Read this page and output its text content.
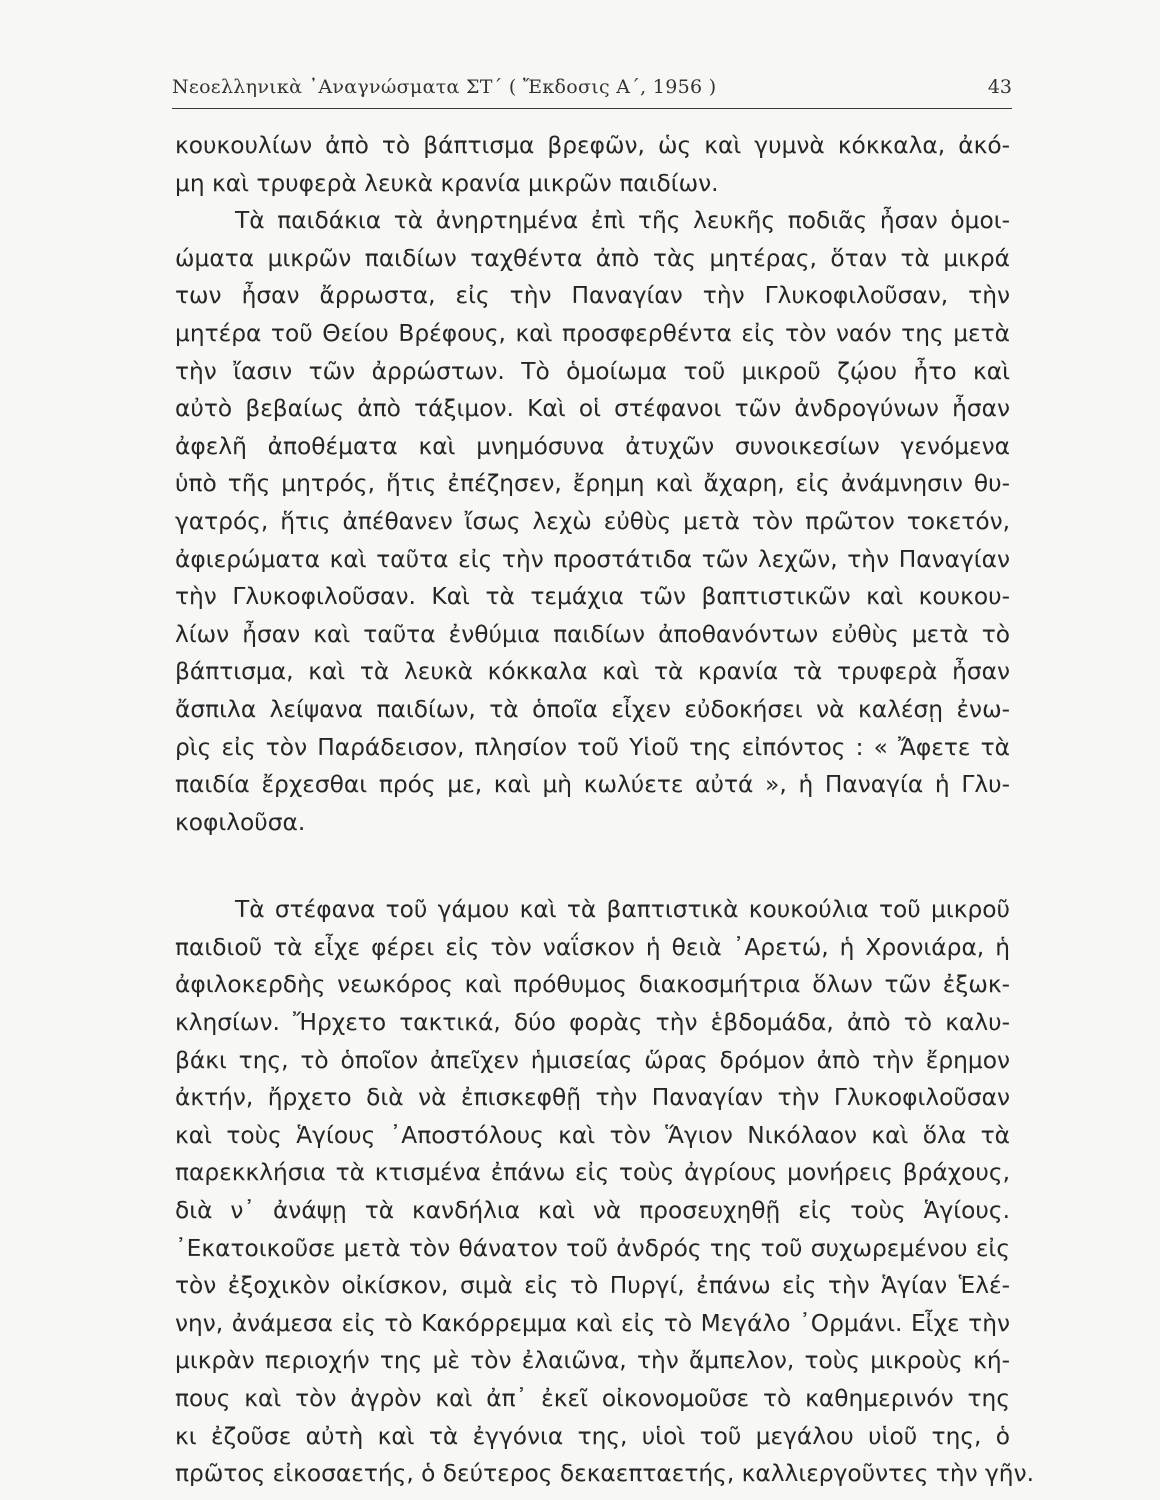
Νεοελληνικὰ ᾿Αναγνώσματα ΣΤ΄ ( Ἔκδοσις Α΄, 1956 )	43
κουκουλίων ἀπὸ τὸ βάπτισμα βρεφῶν, ὡς καὶ γυμνὰ κόκκαλα, ἀκό-
μη καὶ τρυφερὰ λευκὰ κρανία μικρῶν παιδίων.
Τὰ παιδάκια τὰ ἀνηρτημένα ἐπὶ τῆς λευκῆς ποδιᾶς ἦσαν ὁμοι-
ώματα μικρῶν παιδίων ταχθέντα ἀπὸ τὰς μητέρας, ὅταν τὰ μικρά
των ἦσαν ἄρρωστα, εἰς τὴν Παναγίαν τὴν Γλυκοφιλοῦσαν, τὴν
μητέρα τοῦ Θείου Βρέφους, καὶ προσφερθέντα εἰς τὸν ναόν της μετὰ
τὴν ἴασιν τῶν ἀρρώστων. Τὸ ὁμοίωμα τοῦ μικροῦ ζῴου ἦτο καὶ
αὐτὸ βεβαίως ἀπὸ τάξιμον. Καὶ οἱ στέφανοι τῶν ἀνδρογύνων ἦσαν
ἀφελῆ ἀποθέματα καὶ μνημόσυνα ἀτυχῶν συνοικεσίων γενόμενα
ὑπὸ τῆς μητρός, ἥτις ἐπέζησεν, ἔρημη καὶ ἄχαρη, εἰς ἀνάμνησιν θυ-
γατρός, ἥτις ἀπέθανεν ἴσως λεχὼ εὐθὺς μετὰ τὸν πρῶτον τοκετόν,
ἀφιερώματα καὶ ταῦτα εἰς τὴν προστάτιδα τῶν λεχῶν, τὴν Παναγίαν
τὴν Γλυκοφιλοῦσαν. Καὶ τὰ τεμάχια τῶν βαπτιστικῶν καὶ κουκου-
λίων ἦσαν καὶ ταῦτα ἐνθύμια παιδίων ἀποθανόντων εὐθὺς μετὰ τὸ
βάπτισμα, καὶ τὰ λευκὰ κόκκαλα καὶ τὰ κρανία τὰ τρυφερὰ ἦσαν
ἄσπιλα λείψανα παιδίων, τὰ ὁποῖα εἶχεν εὐδοκήσει νὰ καλέσῃ ἐνω-
ρὶς εἰς τὸν Παράδεισον, πλησίον τοῦ Υἱοῦ της εἰπόντος : « Ἄφετε τὰ
παιδία ἔρχεσθαι πρός με, καὶ μὴ κωλύετε αὐτά », ἡ Παναγία ἡ Γλυ-
κοφιλοῦσα.
Τὰ στέφανα τοῦ γάμου καὶ τὰ βαπτιστικὰ κουκούλια τοῦ μικροῦ
παιδιοῦ τὰ εἶχε φέρει εἰς τὸν ναΐσκον ἡ θειὰ ᾿Αρετώ, ἡ Χρονιάρα, ἡ
ἀφιλοκερδὴς νεωκόρος καὶ πρόθυμος διακοσμήτρια ὅλων τῶν ἐξωκ-
κλησίων. Ἤρχετο τακτικά, δύο φορὰς τὴν ἑβδομάδα, ἀπὸ τὸ καλυ-
βάκι της, τὸ ὁποῖον ἀπεῖχεν ἡμισείας ὥρας δρόμον ἀπὸ τὴν ἔρημον
ἀκτήν, ἤρχετο διὰ νὰ ἐπισκεφθῇ τὴν Παναγίαν τὴν Γλυκοφιλοῦσαν
καὶ τοὺς Ἁγίους ᾿Αποστόλους καὶ τὸν Ἅγιον Νικόλαον καὶ ὅλα τὰ
παρεκκλήσια τὰ κτισμένα ἐπάνω εἰς τοὺς ἀγρίους μονήρεις βράχους,
διὰ ν᾿ ἀνάψῃ τὰ κανδήλια καὶ νὰ προσευχηθῇ εἰς τοὺς Ἁγίους.
᾿Εκατοικοῦσε μετὰ τὸν θάνατον τοῦ ἀνδρός της τοῦ συχωρεμένου εἰς
τὸν ἐξοχικὸν οἰκίσκον, σιμὰ εἰς τὸ Πυργί, ἐπάνω εἰς τὴν Ἁγίαν Ἑλέ-
νην, ἀνάμεσα εἰς τὸ Κακόρρεμμα καὶ εἰς τὸ Μεγάλο ᾿Ορμάνι. Εἶχε τὴν
μικρὰν περιοχήν της μὲ τὸν ἐλαιῶνα, τὴν ἄμπελον, τοὺς μικροὺς κή-
πους καὶ τὸν ἀγρὸν καὶ ἀπ᾿ ἐκεῖ οἰκονομοῦσε τὸ καθημερινόν της
κι ἐζοῦσε αὐτὴ καὶ τὰ ἐγγόνια της, υἱοὶ τοῦ μεγάλου υἱοῦ της, ὁ
πρῶτος εἰκοσαετής, ὁ δεύτερος δεκαεπταετής, καλλιεργοῦντες τὴν γῆν.
